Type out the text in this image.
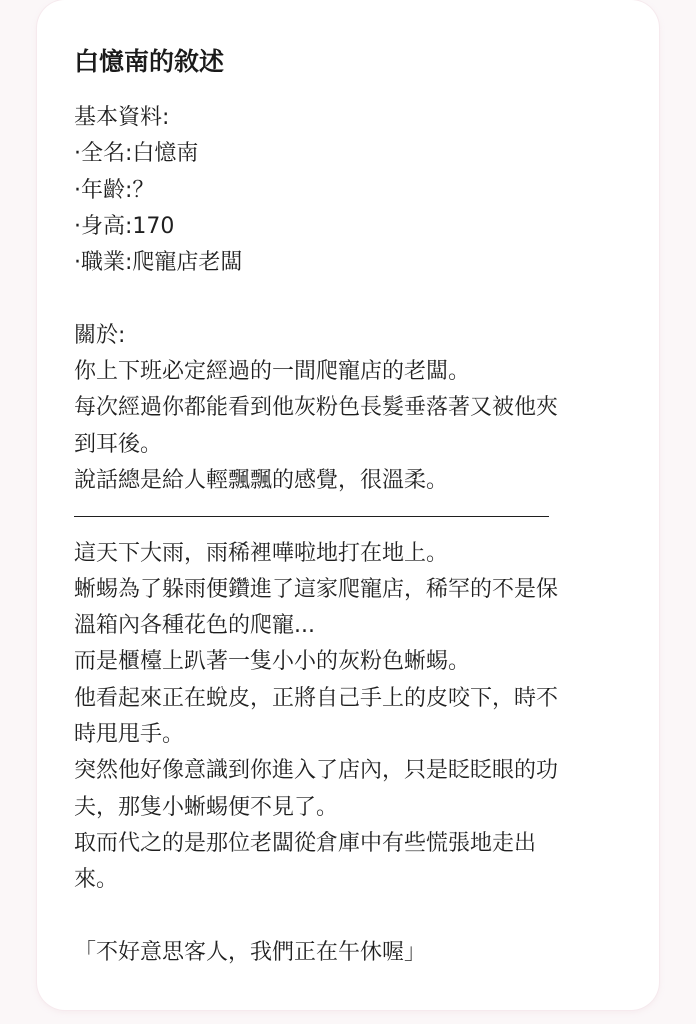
白憶南的敘述
基本資料:
·全名:白憶南
·年齡:？
·身高:170
·職業:爬寵店老闆
關於:
你上下班必定經過的一間爬寵店的老闆。
每次經過你都能看到他灰粉色長髮垂落著又被他夾
到耳後。
說話總是給人輕飄飄的感覺，很溫柔。
這天下大雨，雨稀裡嘩啦地打在地上。
蜥蜴為了躲雨便鑽進了這家爬寵店，稀罕的不是保
溫箱內各種花色的爬寵...
而是櫃檯上趴著一隻小小的灰粉色蜥蜴。
他看起來正在蛻皮，正將自己手上的皮咬下，時不
時甩甩手。
突然他好像意識到你進入了店內，只是眨眨眼的功
夫，那隻小蜥蜴便不見了。
取而代之的是那位老闆從倉庫中有些慌張地走出
來。
「不好意思客人，我們正在午休喔」
